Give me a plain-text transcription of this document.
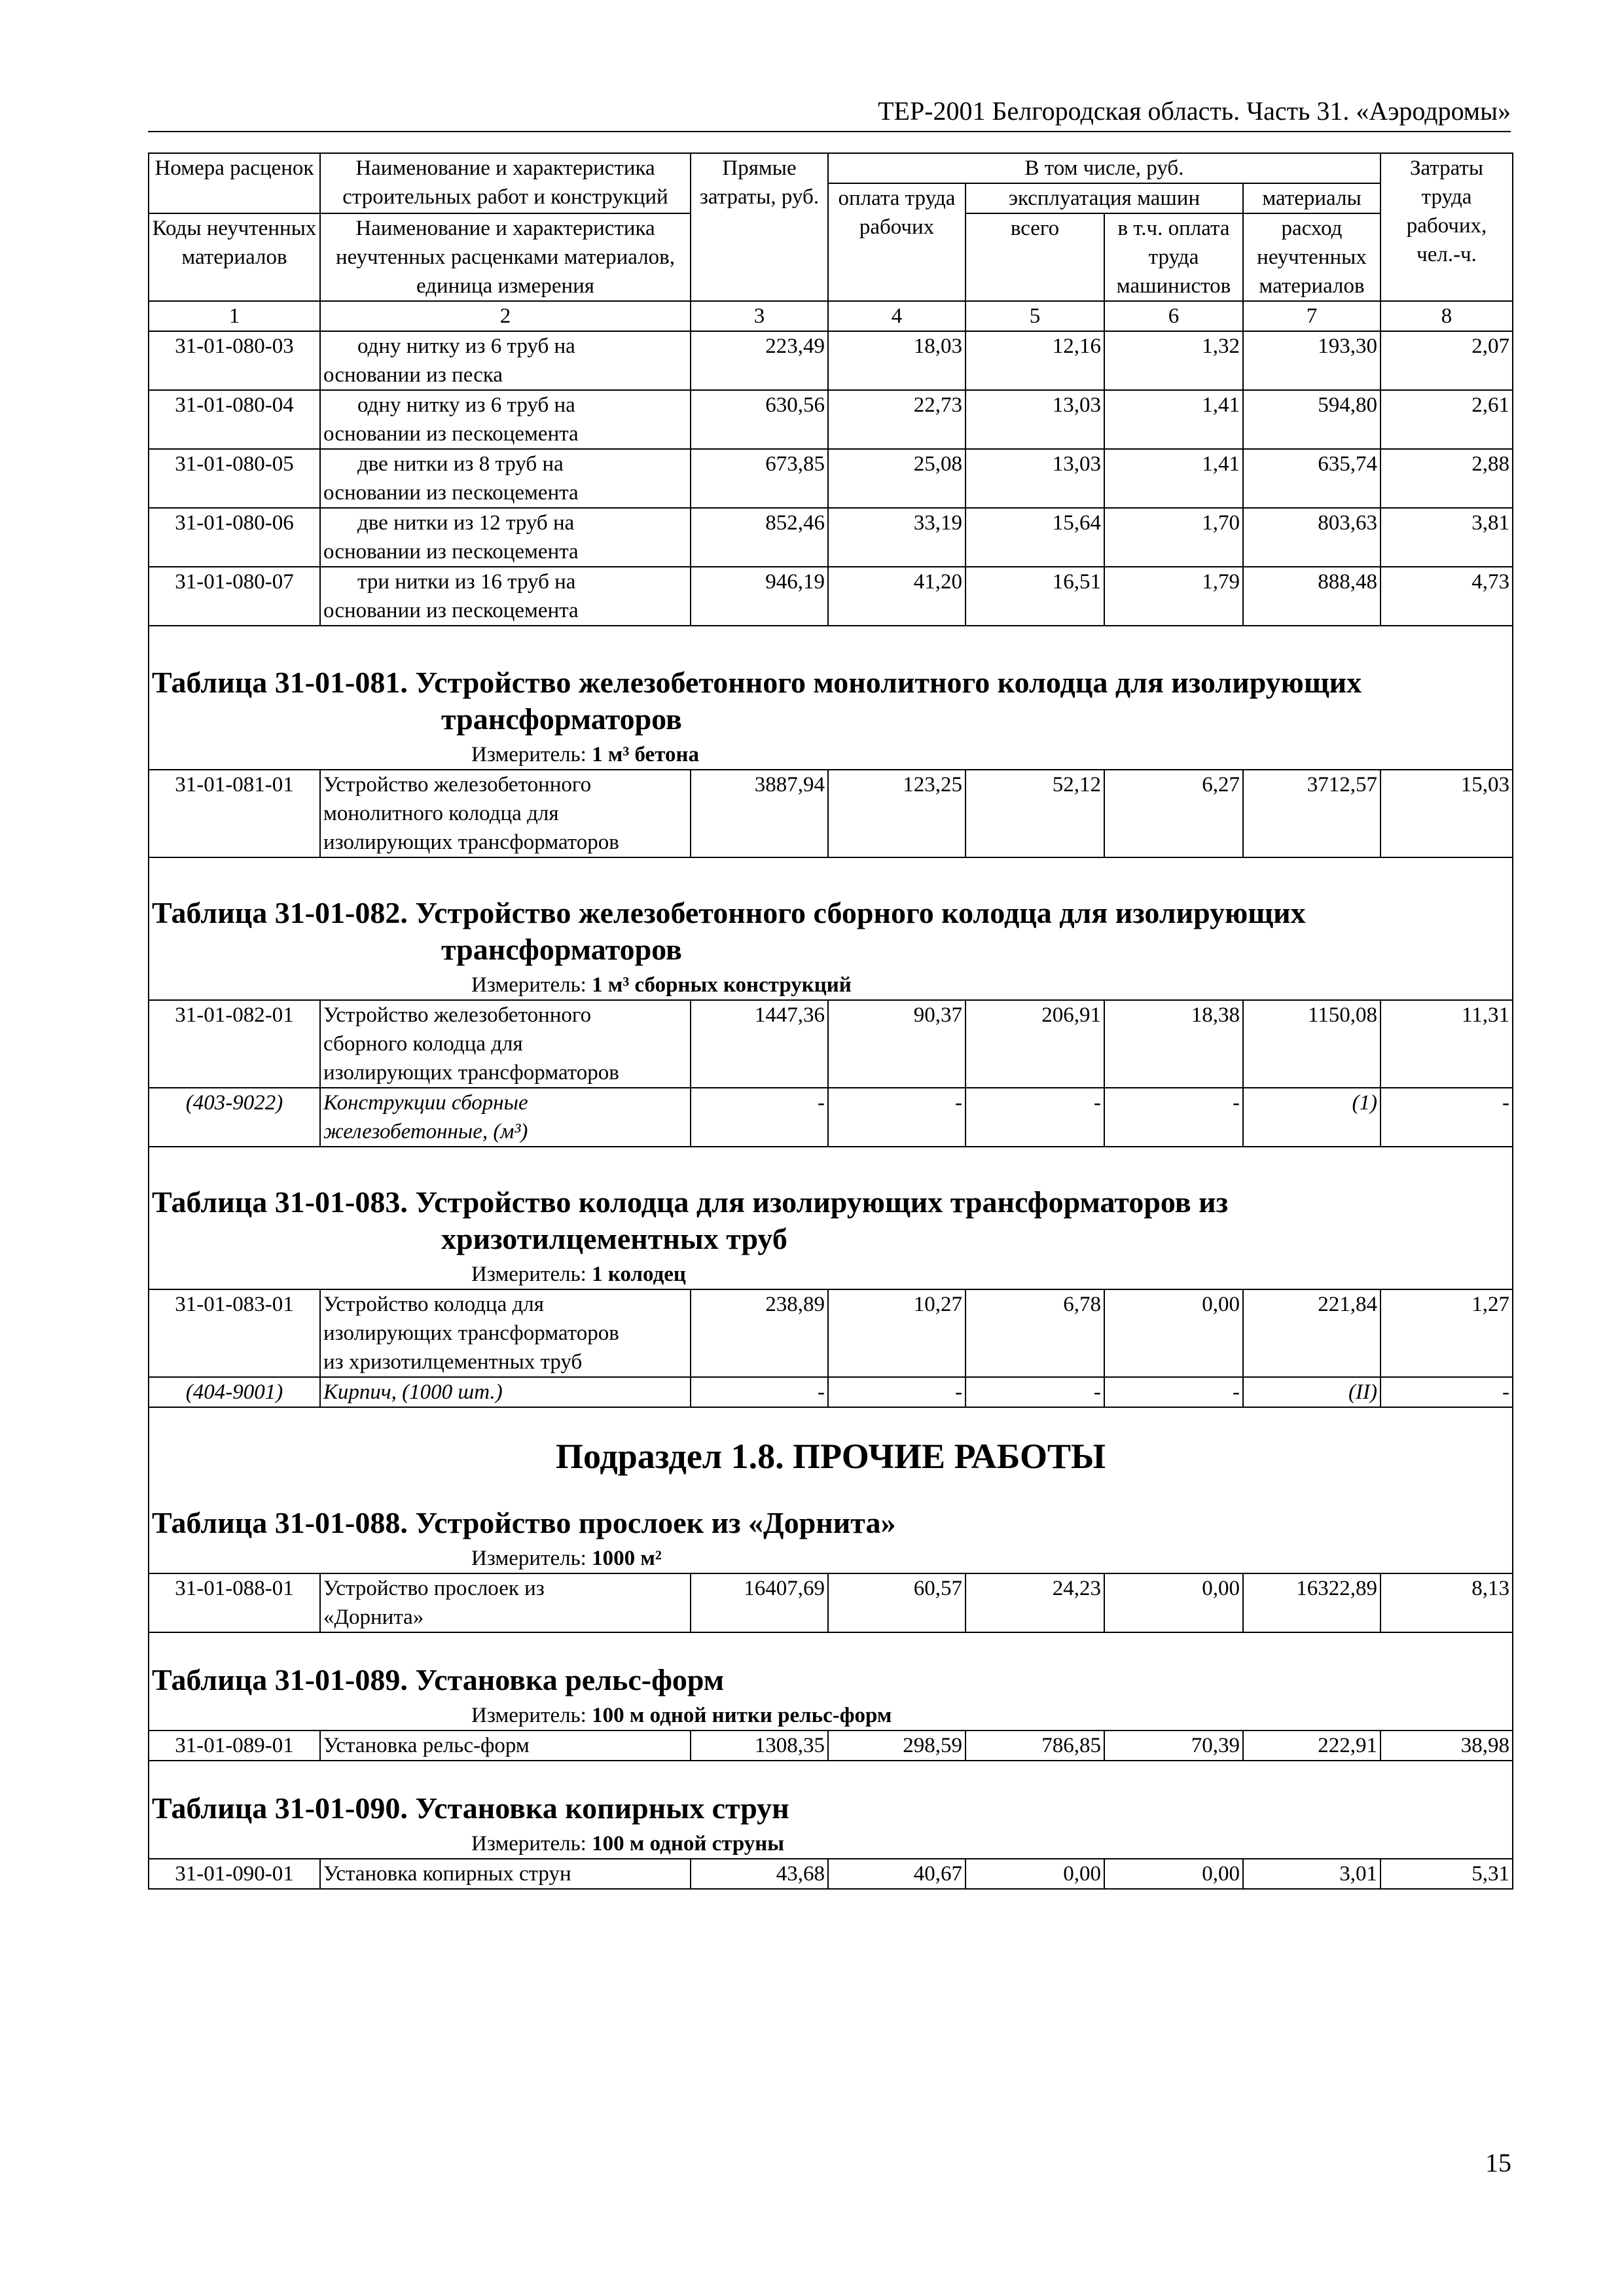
ТЕР-2001 Белгородская область. Часть 31. «Аэродромы»
Номера расценок	Наименование и характеристика строительных работ и конструкций	Прямые затраты, руб.	В том числе, руб.				Затраты труда рабочих, чел.-ч.
			оплата труда рабочих	эксплуатация машин		материалы	
Коды неучтенных материалов	Наименование и характеристика неучтенных расценками материалов, единица измерения			всего	в т.ч. оплата труда машинистов	расход неучтенных материалов	

1	2	3	4	5	6	7	8
31-01-080-03	одну нитку из 6 труб на
основании из песка	223,49	18,03	12,16	1,32	193,30	2,07
31-01-080-04	одну нитку из 6 труб на
основании из пескоцемента	630,56	22,73	13,03	1,41	594,80	2,61
31-01-080-05	две нитки из 8 труб на
основании из пескоцемента	673,85	25,08	13,03	1,41	635,74	2,88
31-01-080-06	две нитки из 12 труб на
основании из пескоцемента	852,46	33,19	15,64	1,70	803,63	3,81
31-01-080-07	три нитки из 16 труб на
основании из пескоцемента	946,19	41,20	16,51	1,79	888,48	4,73

Таблица 31-01-081. Устройство железобетонного монолитного колодца для изолирующих
трансформаторов
Измеритель: 1 м³ бетона							

31-01-081-01	Устройство железобетонного
монолитного колодца для
изолирующих трансформаторов	3887,94	123,25	52,12	6,27	3712,57	15,03

Таблица 31-01-082. Устройство железобетонного сборного колодца для изолирующих
трансформаторов
Измеритель: 1 м³ сборных конструкций							

31-01-082-01	Устройство железобетонного
сборного колодца для
изолирующих трансформаторов	1447,36	90,37	206,91	18,38	1150,08	11,31
(403-9022)	Конструкции сборные
железобетонные, (м³)	-	-	-	-	(1)	-

Таблица 31-01-083. Устройство колодца для изолирующих трансформаторов из
хризотилцементных труб
Измеритель: 1 колодец							

31-01-083-01	Устройство колодца для
изолирующих трансформаторов
из хризотилцементных труб	238,89	10,27	6,78	0,00	221,84	1,27
(404-9001)	Кирпич, (1000 шт.)	-	-	-	-	(II)	-

Подраздел 1.8. ПРОЧИЕ РАБОТЫ
Таблица 31-01-088. Устройство прослоек из «Дорнита»
Измеритель: 1000 м²							

31-01-088-01	Устройство прослоек из
«Дорнита»	16407,69	60,57	24,23	0,00	16322,89	8,13

Таблица 31-01-089. Установка рельс-форм
Измеритель: 100 м одной нитки рельс-форм							

31-01-089-01	Установка рельс-форм	1308,35	298,59	786,85	70,39	222,91	38,98

Таблица 31-01-090. Установка копирных струн
Измеритель: 100 м одной струны							

31-01-090-01	Установка копирных струн	43,68	40,67	0,00	0,00	3,01	5,31
15
